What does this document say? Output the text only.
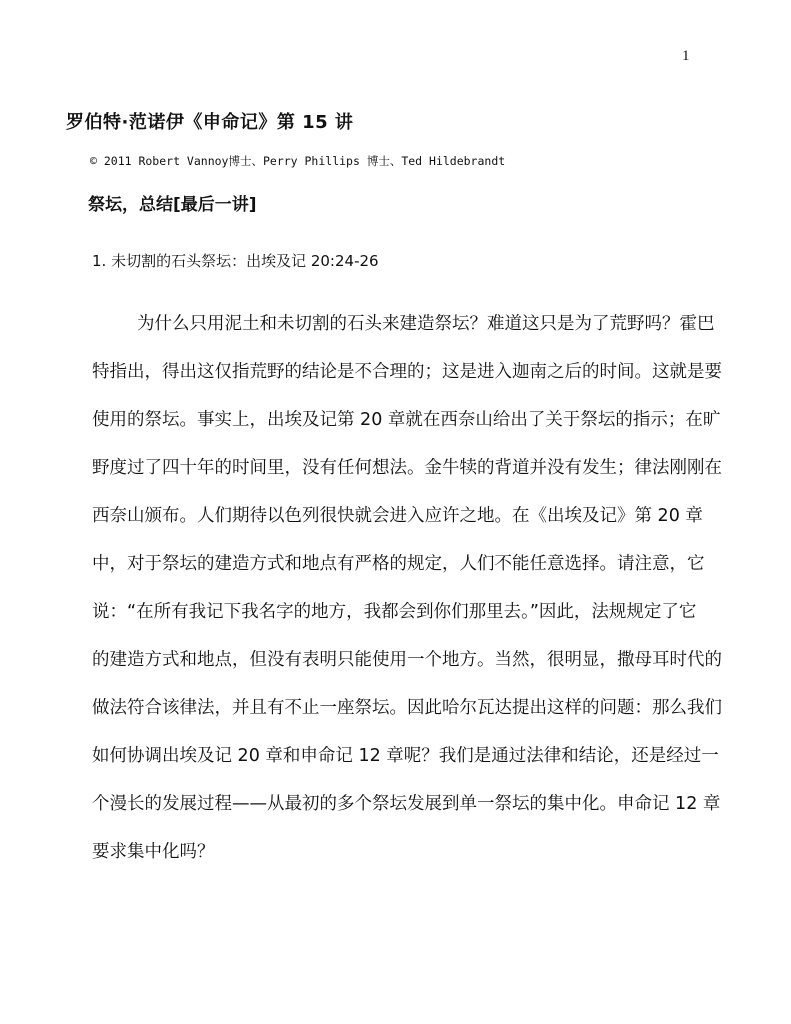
1
罗伯特·范诺伊《申命记》第 15 讲
© 2011 Robert Vannoy博士、Perry Phillips 博士、Ted Hildebrandt
祭坛，总结[最后一讲]
1. 未切割的石头祭坛：出埃及记 20:24-26
为什么只用泥土和未切割的石头来建造祭坛？难道这只是为了荒野吗？霍巴
特指出，得出这仅指荒野的结论是不合理的；这是进入迦南之后的时间。这就是要
使用的祭坛。事实上，出埃及记第 20 章就在西奈山给出了关于祭坛的指示；在旷
野度过了四十年的时间里，没有任何想法。金牛犊的背道并没有发生；律法刚刚在
西奈山颁布。人们期待以色列很快就会进入应许之地。在《出埃及记》第 20 章
中，对于祭坛的建造方式和地点有严格的规定，人们不能任意选择。请注意，它
说：“在所有我记下我名字的地方，我都会到你们那里去。”因此，法规规定了它
的建造方式和地点，但没有表明只能使用一个地方。当然，很明显，撒母耳时代的
做法符合该律法，并且有不止一座祭坛。因此哈尔瓦达提出这样的问题：那么我们
如何协调出埃及记 20 章和申命记 12 章呢？我们是通过法律和结论，还是经过一
个漫长的发展过程——从最初的多个祭坛发展到单一祭坛的集中化。申命记 12 章
要求集中化吗？
